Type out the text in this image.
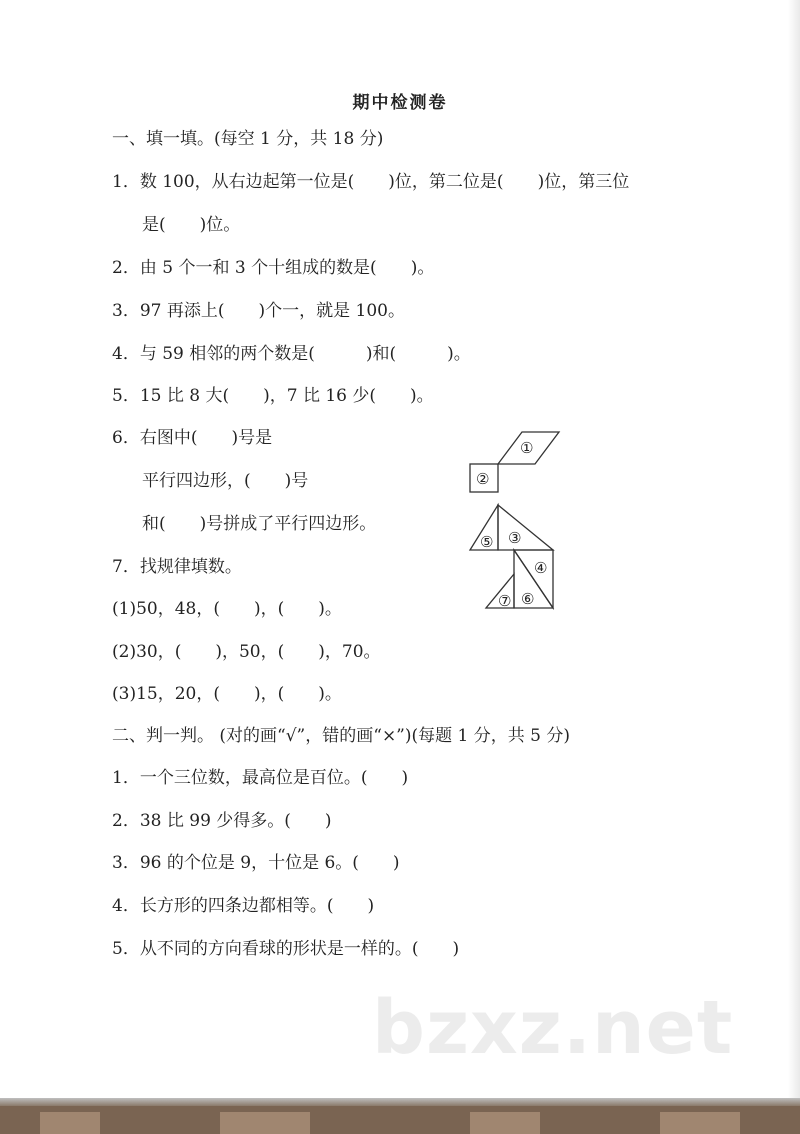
期中检测卷
一、填一填。(每空 1 分，共 18 分)
1．数 100，从右边起第一位是(　　)位，第二位是(　　)位，第三位
是(　　)位。
2．由 5 个一和 3 个十组成的数是(　　)。
3．97 再添上(　　)个一，就是 100。
4．与 59 相邻的两个数是(　　　)和(　　　)。
5．15 比 8 大(　　)，7 比 16 少(　　)。
6．右图中(　　)号是
平行四边形，(　　)号
和(　　)号拼成了平行四边形。
7．找规律填数。
(1)50，48，(　　)，(　　)。
(2)30，(　　)，50，(　　)，70。
(3)15，20，(　　)，(　　)。
二、判一判。 (对的画“√”，错的画“×”)(每题 1 分，共 5 分)
1．一个三位数，最高位是百位。(　　)
2．38 比 99 少得多。(　　)
3．96 的个位是 9，十位是 6。(　　)
4．长方形的四条边都相等。(　　)
5．从不同的方向看球的形状是一样的。(　　)
①
②
③
④
⑤
⑥
⑦
bzxz.net
